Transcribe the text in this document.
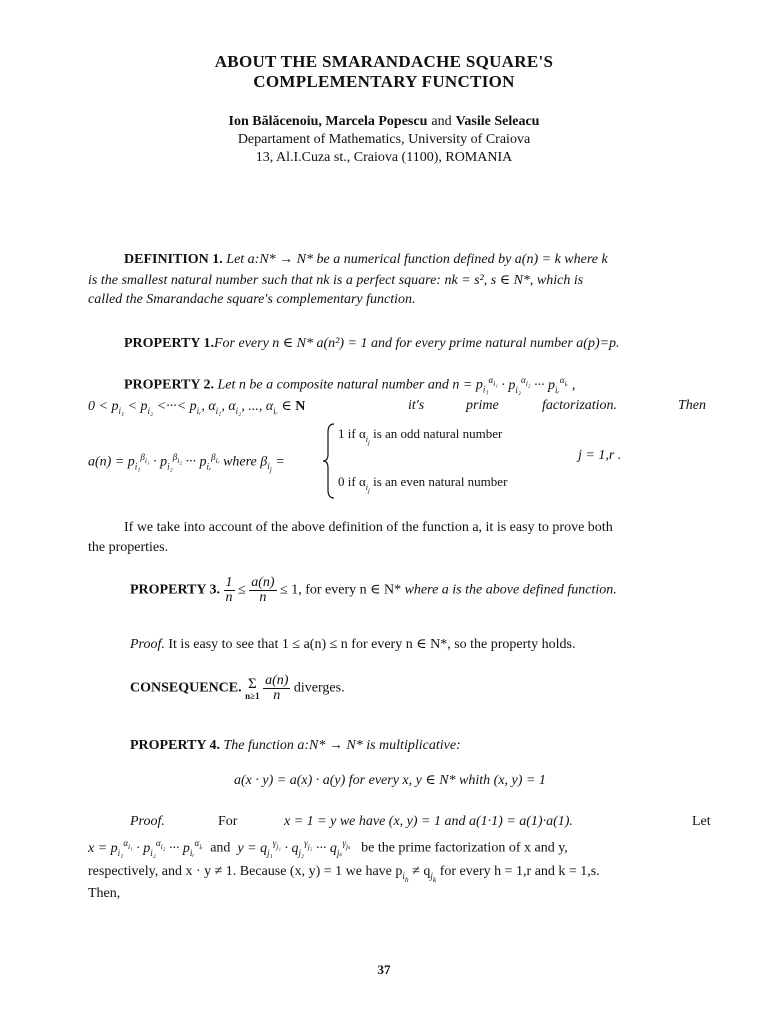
ABOUT THE SMARANDACHE SQUARE'S
COMPLEMENTARY FUNCTION
Ion Bălăcenoiu, Marcela Popescu and Vasile Seleacu
Departament of Mathematics, University of Craiova
13, Al.I.Cuza st., Craiova (1100), ROMANIA
DEFINITION 1. Let a:N* → N* be a numerical function defined by a(n) = k where k
is the smallest natural number such that nk is a perfect square: nk = s², s ∈ N*, which is
called the Smarandache square's complementary function.
PROPERTY 1.For every n ∈ N* a(n²) = 1 and for every prime natural number a(p)=p.
PROPERTY 2. Let n be a composite natural number and $n = p_{i_1}^{\alpha_{i_1}} \cdot p_{i_2}^{\alpha_{i_2}}$ ··· $p_{iᵣ}^{\alpha_{iᵣ}}$ ,
$0 < p_{i_1} < p_{i_2}$ <···< $p_{iᵣ}$, $\alpha_{i_1}$, $\alpha_{i_2}$, ..., $\alpha_{iᵣ}$ ∈ N	it's	prime	factorization.	Then
$a(n) = p_{i_1}^{\beta_{i_1}} \cdot p_{i_2}^{\beta_{i_2}}$ ··· $p_{iᵣ}^{\beta_{iᵣ}}$ where $\beta_{i_j}$ =
1 if $\alpha_{i_j}$ is an odd natural number
0 if $\alpha_{i_j}$ is an even natural number
j = 1,r .
If we take into account of the above definition of the function a, it is easy to prove both
the properties.
PROPERTY 3. $\frac{1}{n} \le \frac{a(n)}{n} \le 1$, for every n ∈ N* where a is the above defined function.
Proof. It is easy to see that 1 ≤ a(n) ≤ n for every n ∈ N*, so the property holds.
CONSEQUENCE. Σ
n≥1
$\frac{a(n)}{n}$ diverges.
PROPERTY 4. The function a:N* → N* is multiplicative:
a(x · y) = a(x) · a(y) for every x, y ∈ N* whith (x, y) = 1
Proof.	For	x = 1 = y we have (x, y) = 1 and a(1·1) = a(1)·a(1).	Let
$x = p_{i_1}^{\alpha_{i_1}} \cdot p_{i_2}^{\alpha_{i_2}}$ ··· $p_{iᵣ}^{\alpha_{iᵣ}}$  and  $y = q_{j_1}^{\gamma_{j_1}} \cdot q_{j_2}^{\gamma_{j_2}}$ ··· $q_{j_s}^{\gamma_{j_s}}$ be the prime factorization of x and y,
respectively, and x · y ≠ 1. Because (x, y) = 1 we have $p_{i_h} \ne q_{j_k}$ for every h = 1,r and k = 1,s.
Then,
37
